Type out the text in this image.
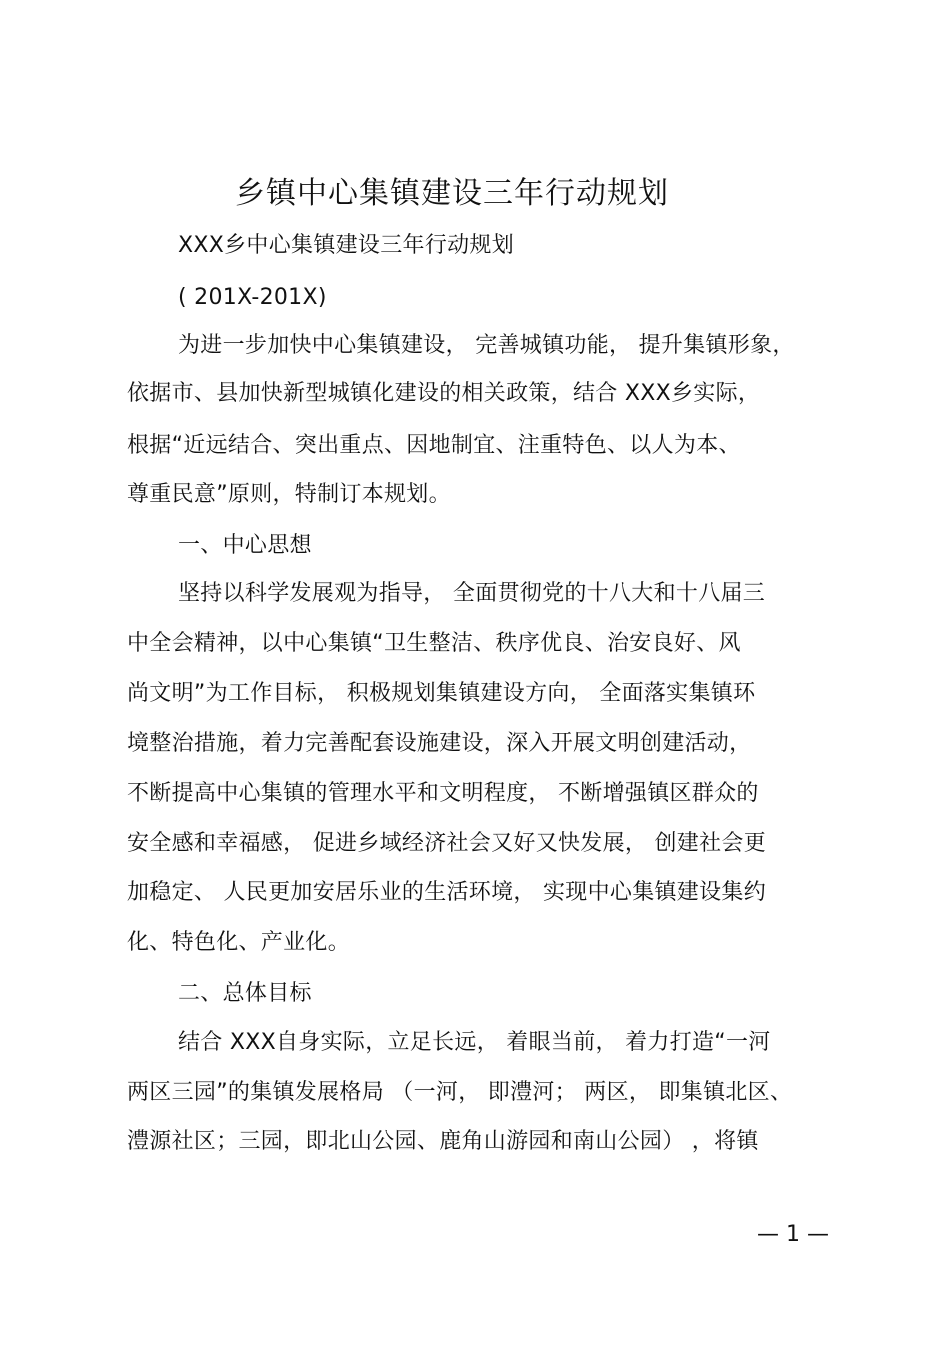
乡镇中心集镇建设三年行动规划
XXX乡中心集镇建设三年行动规划
( 201X-201X)
为进一步加快中心集镇建设， 完善城镇功能， 提升集镇形象，
依据市、县加快新型城镇化建设的相关政策，结合 XXX乡实际，
根据“近远结合、突出重点、因地制宜、注重特色、以人为本、
尊重民意”原则，特制订本规划。
一、中心思想
坚持以科学发展观为指导， 全面贯彻党的十八大和十八届三
中全会精神，以中心集镇“卫生整洁、秩序优良、治安良好、风
尚文明”为工作目标， 积极规划集镇建设方向， 全面落实集镇环
境整治措施，着力完善配套设施建设，深入开展文明创建活动，
不断提高中心集镇的管理水平和文明程度， 不断增强镇区群众的
安全感和幸福感， 促进乡域经济社会又好又快发展， 创建社会更
加稳定、 人民更加安居乐业的生活环境， 实现中心集镇建设集约
化、特色化、产业化。
二、总体目标
结合 XXX自身实际，立足长远， 着眼当前， 着力打造“一河
两区三园”的集镇发展格局 （一河， 即澧河； 两区， 即集镇北区、
澧源社区；三园，即北山公园、鹿角山游园和南山公园） ，将镇
— 1 —
